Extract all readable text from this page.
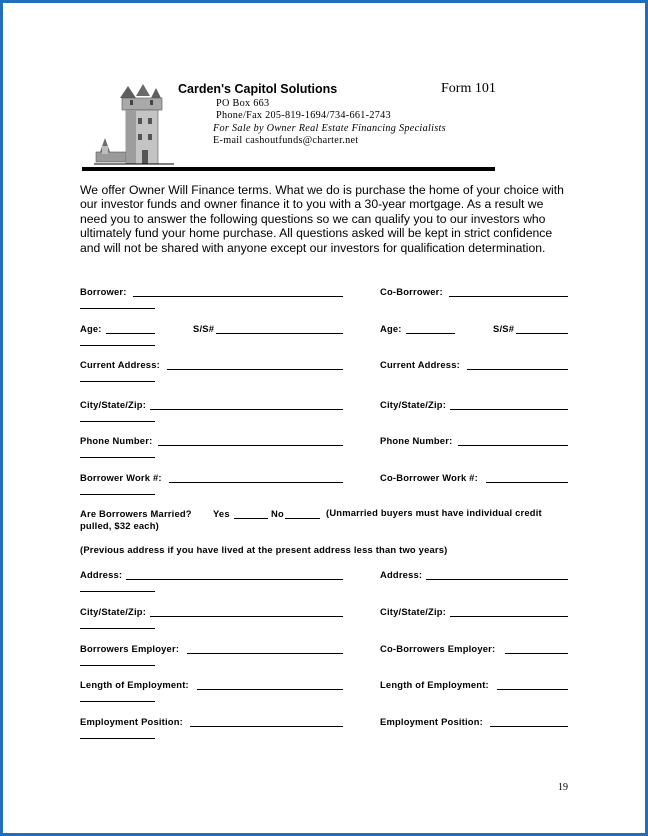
Carden's Capitol Solutions	Form 101
PO Box 663
Phone/Fax 205-819-1694/734-661-2743
For Sale by Owner Real Estate Financing Specialists
E-mail cashoutfunds@charter.net
We offer Owner Will Finance terms. What we do is purchase the home of your choice with our investor funds and owner finance it to you with a 30-year mortgage. As a result we need you to answer the following questions so we can qualify you to our investors who ultimately fund your home purchase. All questions asked will be kept in strict confidence and will not be shared with anyone except our investors for qualification determination.
Borrower:	Co-Borrower:
Age:	S/S#	Age:	S/S#
Current Address:	Current Address:
City/State/Zip:	City/State/Zip:
Phone Number:	Phone Number:
Borrower Work #:	Co-Borrower Work #:
Are Borrowers Married? Yes	No	(Unmarried buyers must have individual credit
pulled, $32 each)
(Previous address if you have lived at the present address less than two years)
Address:	Address:
City/State/Zip:	City/State/Zip:
Borrowers Employer:	Co-Borrowers Employer:
Length of Employment:	Length of Employment:
Employment Position:	Employment Position:
19
